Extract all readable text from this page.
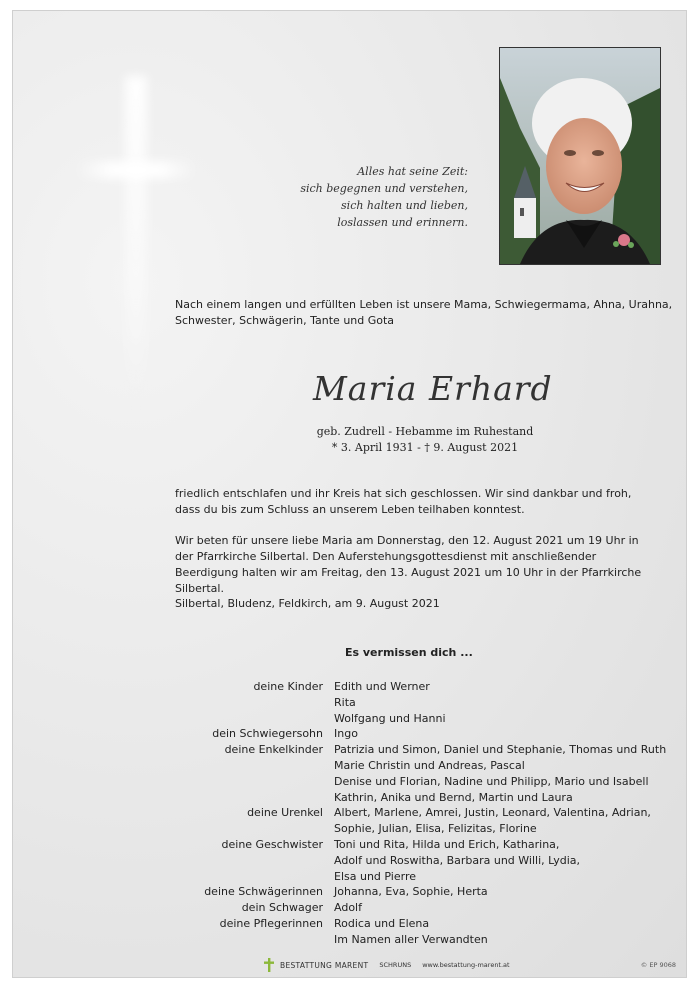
Alles hat seine Zeit:
sich begegnen und verstehen,
sich halten und lieben,
loslassen und erinnern.
Nach einem langen und erfüllten Leben ist unsere Mama, Schwiegermama, Ahna, Urahna, Schwester, Schwägerin, Tante und Gota
Maria Erhard
geb. Zudrell - Hebamme im Ruhestand
* 3. April 1931 - † 9. August 2021
friedlich entschlafen und ihr Kreis hat sich geschlossen. Wir sind dankbar und froh, dass du bis zum Schluss an unserem Leben teilhaben konntest.
Wir beten für unsere liebe Maria am Donnerstag, den 12. August 2021 um 19 Uhr in der Pfarrkirche Silbertal. Den Auferstehungsgottesdienst mit anschließender Beerdigung halten wir am Freitag, den 13. August 2021 um 10 Uhr in der Pfarrkirche Silbertal.
Silbertal, Bludenz, Feldkirch, am 9. August 2021
Es vermissen dich ...
deine Kinder	Edith und Werner
Rita
Wolfgang und Hanni
dein Schwiegersohn	Ingo
deine Enkelkinder	Patrizia und Simon, Daniel und Stephanie, Thomas und Ruth
Marie Christin und Andreas, Pascal
Denise und Florian, Nadine und Philipp, Mario und Isabell
Kathrin, Anika und Bernd, Martin und Laura
deine Urenkel	Albert, Marlene, Amrei, Justin, Leonard, Valentina, Adrian,
Sophie, Julian, Elisa, Felizitas, Florine
deine Geschwister	Toni und Rita, Hilda und Erich, Katharina,
Adolf und Roswitha, Barbara und Willi, Lydia,
Elsa und Pierre
deine Schwägerinnen	Johanna, Eva, Sophie, Herta
dein Schwager	Adolf
deine Pflegerinnen	Rodica und Elena
Im Namen aller Verwandten
BESTATTUNG MARENT SCHRUNS www.bestattung-marent.at	© EP 9068
